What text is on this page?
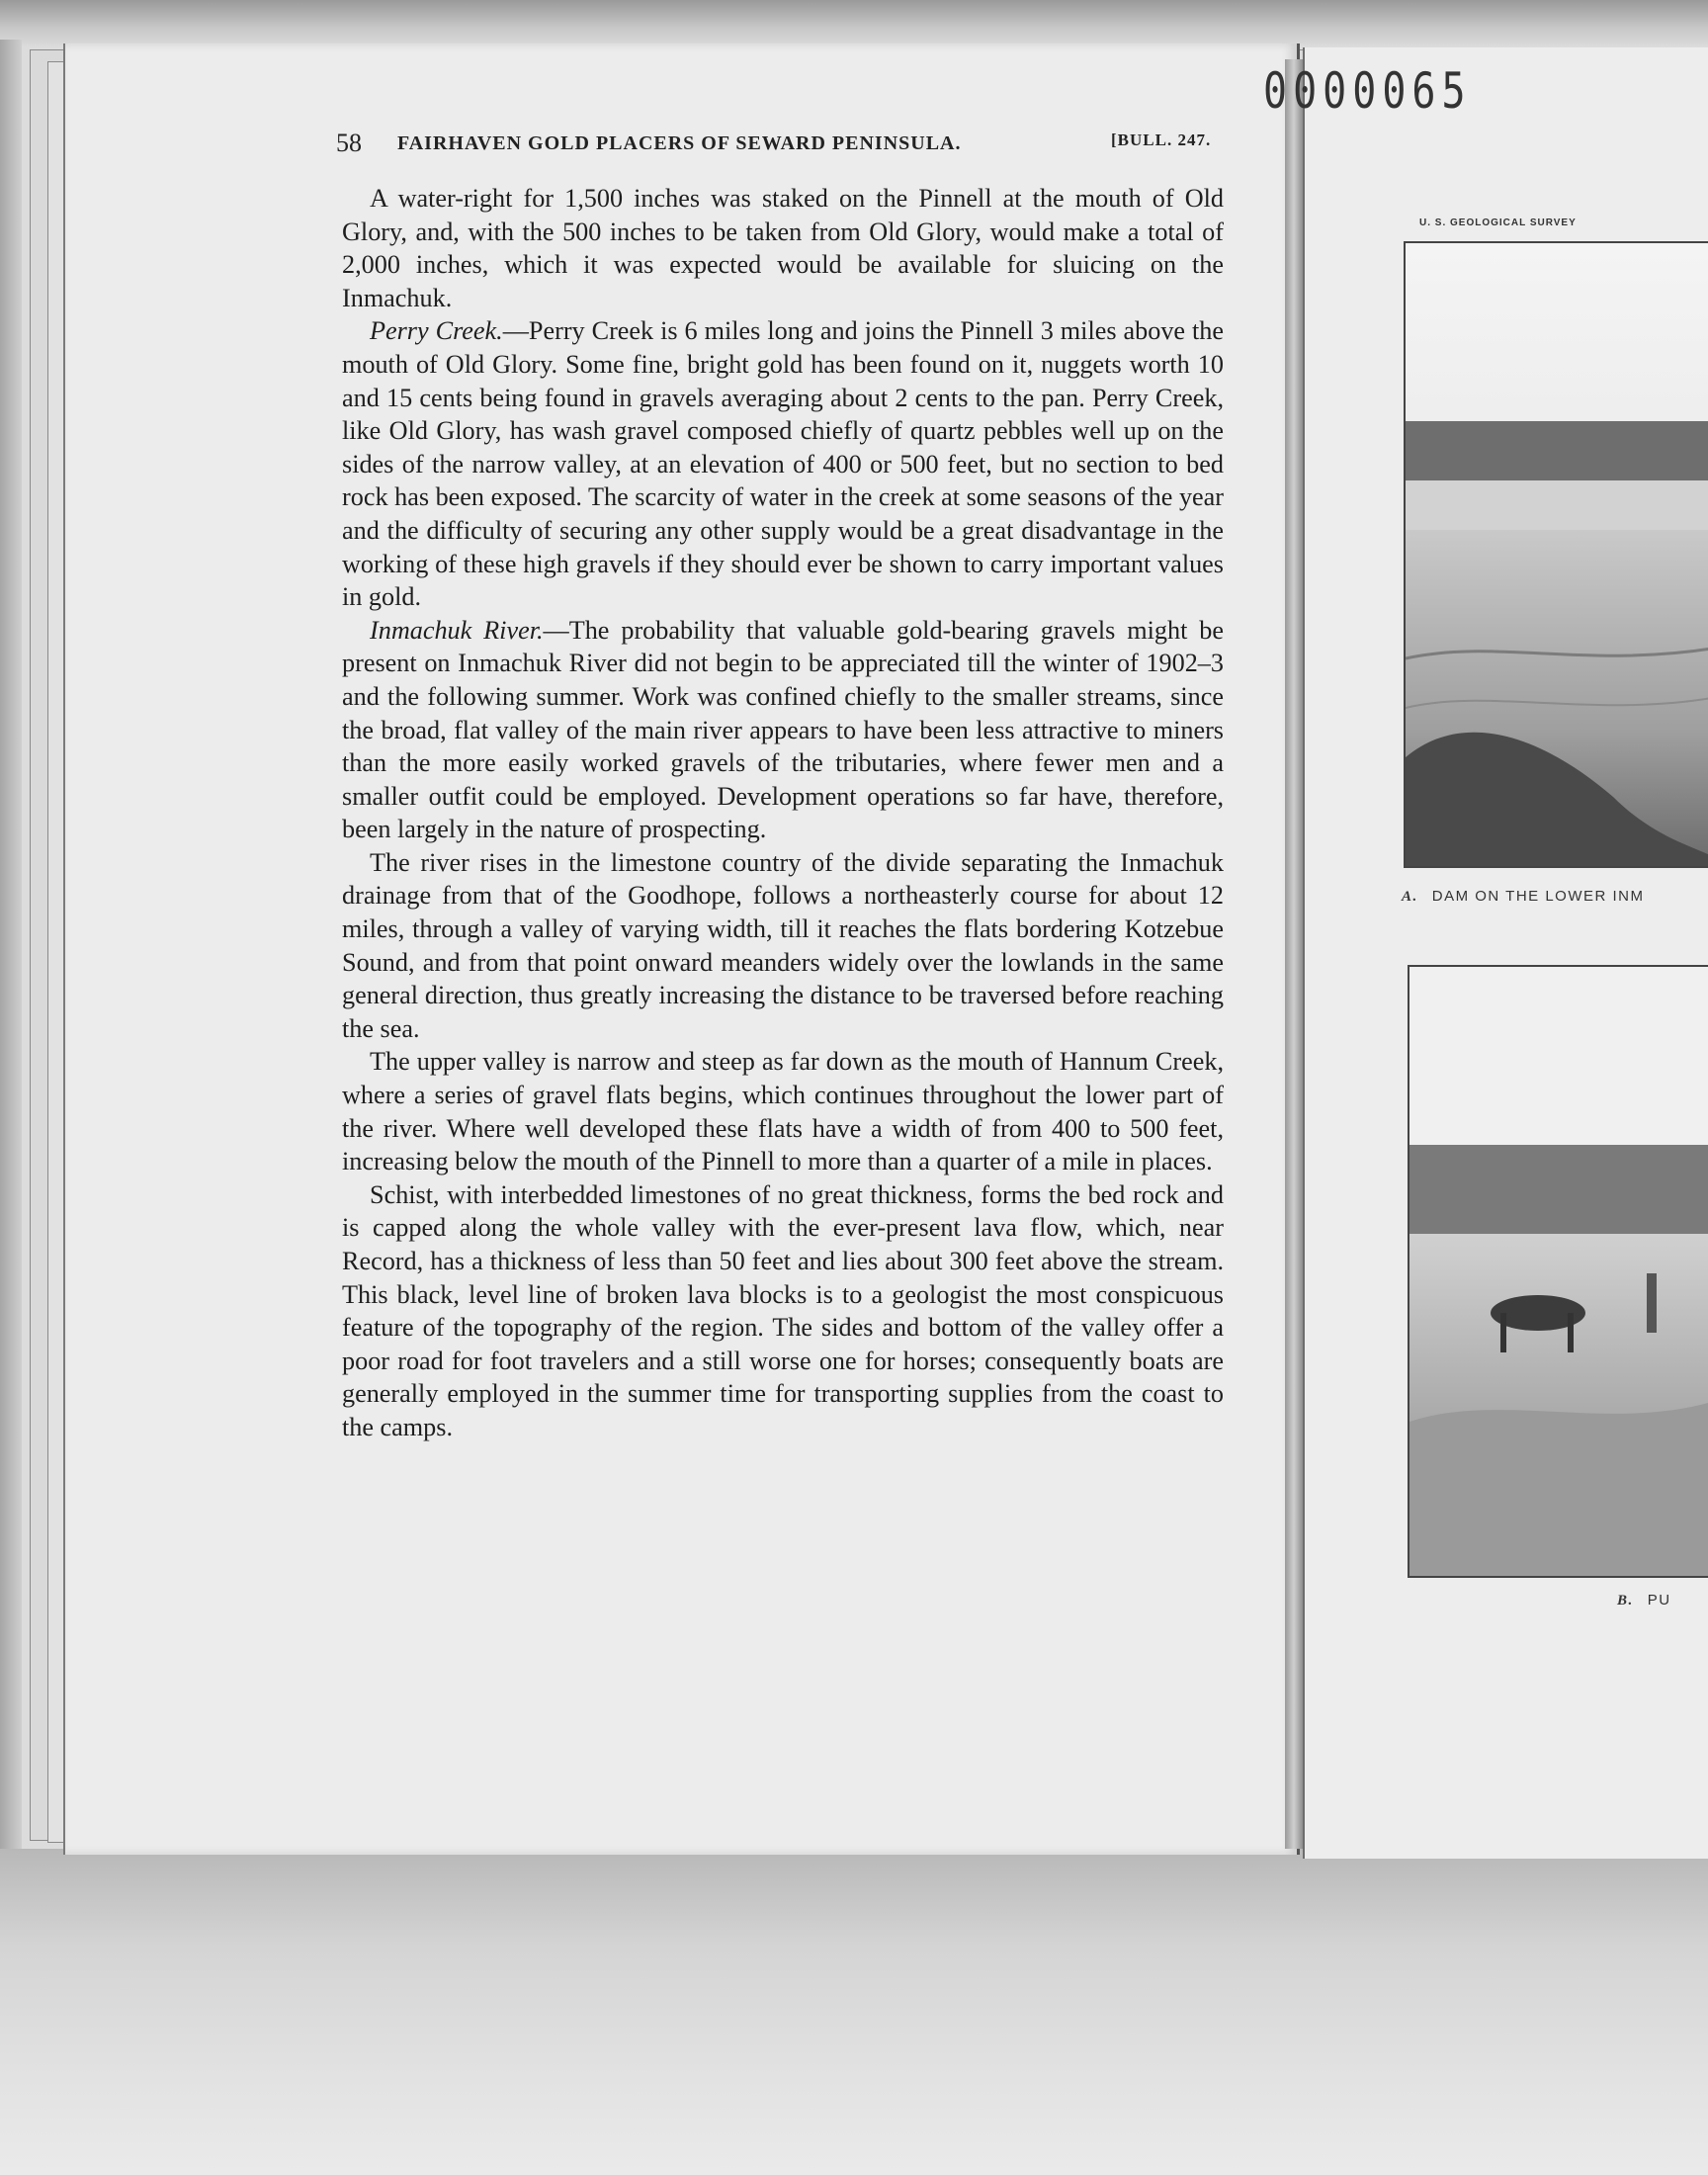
0000065
58 FAIRHAVEN GOLD PLACERS OF SEWARD PENINSULA.	[BULL. 247.

A water-right for 1,500 inches was staked on the Pinnell at the mouth of Old Glory, and, with the 500 inches to be taken from Old Glory, would make a total of 2,000 inches, which it was expected would be available for sluicing on the Inmachuk.

Perry Creek.—Perry Creek is 6 miles long and joins the Pinnell 3 miles above the mouth of Old Glory. Some fine, bright gold has been found on it, nuggets worth 10 and 15 cents being found in gravels averaging about 2 cents to the pan. Perry Creek, like Old Glory, has wash gravel composed chiefly of quartz pebbles well up on the sides of the narrow valley, at an elevation of 400 or 500 feet, but no section to bed rock has been exposed. The scarcity of water in the creek at some seasons of the year and the difficulty of securing any other supply would be a great disadvantage in the working of these high gravels if they should ever be shown to carry important values in gold.

Inmachuk River.—The probability that valuable gold-bearing gravels might be present on Inmachuk River did not begin to be appreciated till the winter of 1902–3 and the following summer. Work was confined chiefly to the smaller streams, since the broad, flat valley of the main river appears to have been less attractive to miners than the more easily worked gravels of the tributaries, where fewer men and a smaller outfit could be employed. Development operations so far have, therefore, been largely in the nature of prospecting.

The river rises in the limestone country of the divide separating the Inmachuk drainage from that of the Goodhope, follows a northeasterly course for about 12 miles, through a valley of varying width, till it reaches the flats bordering Kotzebue Sound, and from that point onward meanders widely over the lowlands in the same general direction, thus greatly increasing the distance to be traversed before reaching the sea.

The upper valley is narrow and steep as far down as the mouth of Hannum Creek, where a series of gravel flats begins, which continues throughout the lower part of the river. Where well developed these flats have a width of from 400 to 500 feet, increasing below the mouth of the Pinnell to more than a quarter of a mile in places.

Schist, with interbedded limestones of no great thickness, forms the bed rock and is capped along the whole valley with the ever-present lava flow, which, near Record, has a thickness of less than 50 feet and lies about 300 feet above the stream. This black, level line of broken lava blocks is to a geologist the most conspicuous feature of the topography of the region. The sides and bottom of the valley offer a poor road for foot travelers and a still worse one for horses; consequently boats are generally employed in the summer time for transporting supplies from the coast to the camps.

U. S. GEOLOGICAL SURVEY
A. DAM ON THE LOWER INM
B. PU
